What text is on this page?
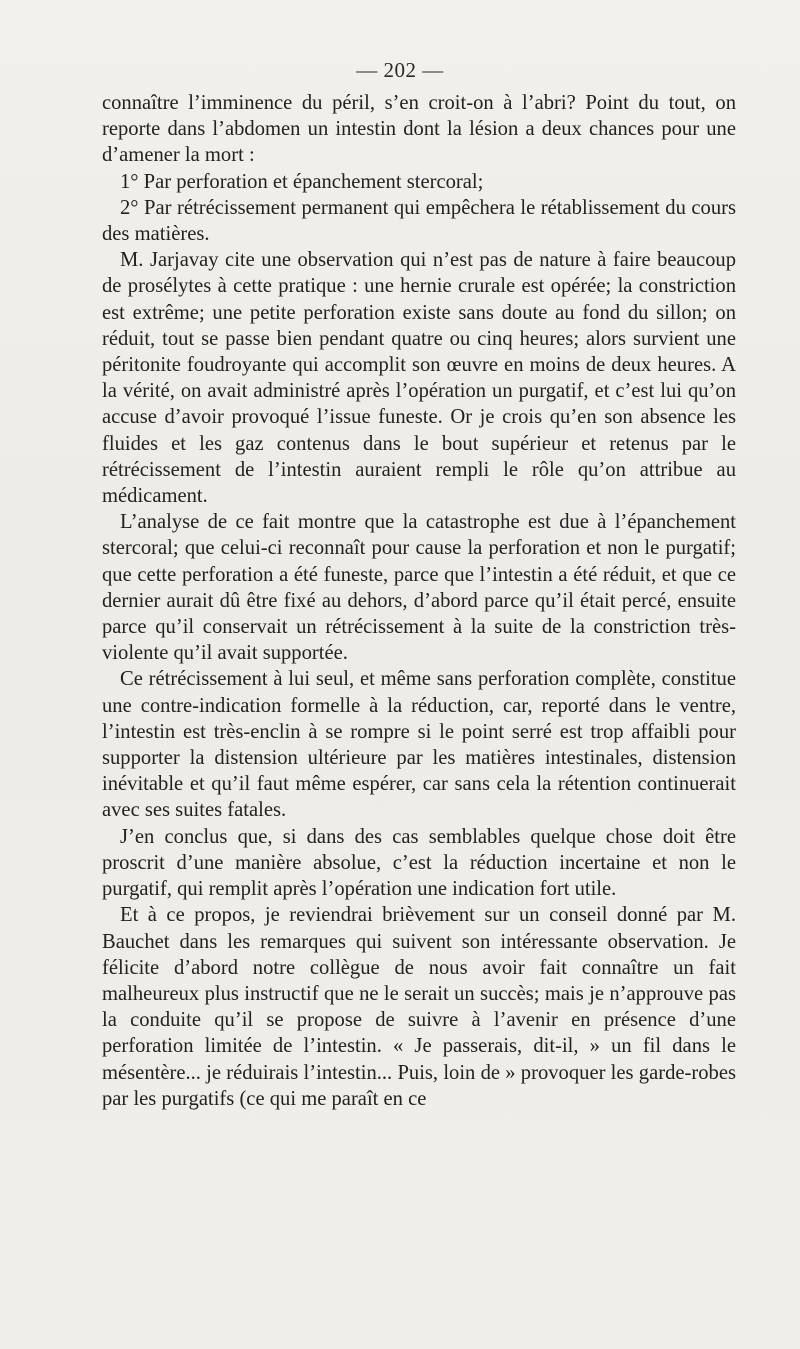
— 202 —

connaître l’imminence du péril, s’en croit-on à l’abri? Point du tout, on reporte dans l’abdomen un intestin dont la lésion a deux chances pour une d’amener la mort :

1° Par perforation et épanchement stercoral;

2° Par rétrécissement permanent qui empêchera le rétablissement du cours des matières.

M. Jarjavay cite une observation qui n’est pas de nature à faire beaucoup de prosélytes à cette pratique : une hernie crurale est opérée; la constriction est extrême; une petite perforation existe sans doute au fond du sillon; on réduit, tout se passe bien pendant quatre ou cinq heures; alors survient une péritonite foudroyante qui accomplit son œuvre en moins de deux heures. A la vérité, on avait administré après l’opération un purgatif, et c’est lui qu’on accuse d’avoir provoqué l’issue funeste. Or je crois qu’en son absence les fluides et les gaz contenus dans le bout supérieur et retenus par le rétrécissement de l’intestin auraient rempli le rôle qu’on attribue au médicament.

L’analyse de ce fait montre que la catastrophe est due à l’épanchement stercoral; que celui-ci reconnaît pour cause la perforation et non le purgatif; que cette perforation a été funeste, parce que l’intestin a été réduit, et que ce dernier aurait dû être fixé au dehors, d’abord parce qu’il était percé, ensuite parce qu’il conservait un rétrécissement à la suite de la constriction très-violente qu’il avait supportée.

Ce rétrécissement à lui seul, et même sans perforation complète, constitue une contre-indication formelle à la réduction, car, reporté dans le ventre, l’intestin est très-enclin à se rompre si le point serré est trop affaibli pour supporter la distension ultérieure par les matières intestinales, distension inévitable et qu’il faut même espérer, car sans cela la rétention continuerait avec ses suites fatales.

J’en conclus que, si dans des cas semblables quelque chose doit être proscrit d’une manière absolue, c’est la réduction incertaine et non le purgatif, qui remplit après l’opération une indication fort utile.

Et à ce propos, je reviendrai brièvement sur un conseil donné par M. Bauchet dans les remarques qui suivent son intéressante observation. Je félicite d’abord notre collègue de nous avoir fait connaître un fait malheureux plus instructif que ne le serait un succès; mais je n’approuve pas la conduite qu’il se propose de suivre à l’avenir en présence d’une perforation limitée de l’intestin. « Je passerais, dit-il, » un fil dans le mésentère... je réduirais l’intestin... Puis, loin de » provoquer les garde-robes par les purgatifs (ce qui me paraît en ce
